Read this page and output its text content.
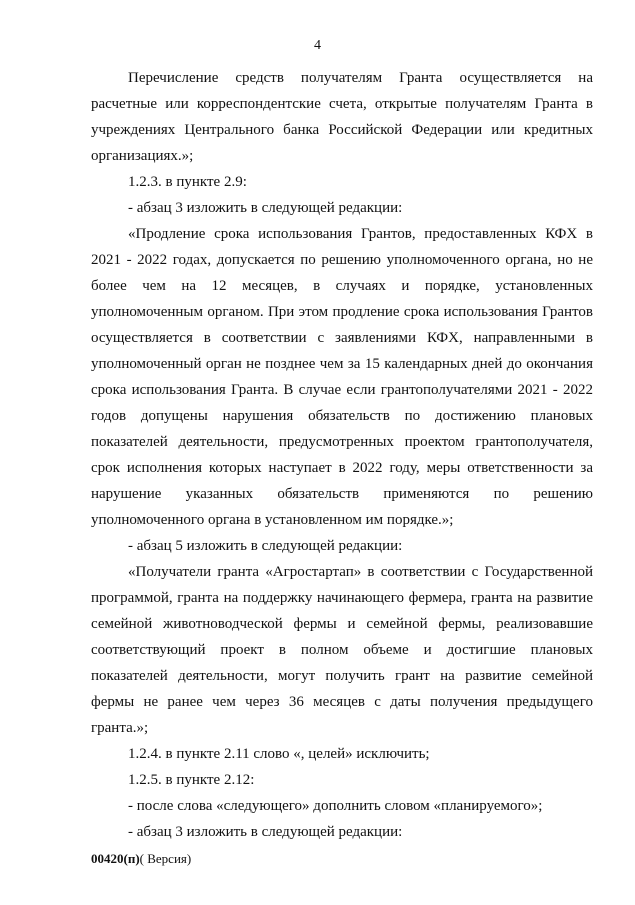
4

Перечисление средств получателям Гранта осуществляется на расчетные или корреспондентские счета, открытые получателям Гранта в учреждениях Центрального банка Российской Федерации или кредитных организациях.»;

1.2.3. в пункте 2.9:

- абзац 3 изложить в следующей редакции:

«Продление срока использования Грантов, предоставленных КФХ в 2021 - 2022 годах, допускается по решению уполномоченного органа, но не более чем на 12 месяцев, в случаях и порядке, установленных уполномоченным органом. При этом продление срока использования Грантов осуществляется в соответствии с заявлениями КФХ, направленными в уполномоченный орган не позднее чем за 15 календарных дней до окончания срока использования Гранта. В случае если грантополучателями 2021 - 2022 годов допущены нарушения обязательств по достижению плановых показателей деятельности, предусмотренных проектом грантополучателя, срок исполнения которых наступает в 2022 году, меры ответственности за нарушение указанных обязательств применяются по решению уполномоченного органа в установленном им порядке.»;

- абзац 5 изложить в следующей редакции:

«Получатели гранта «Агростартап» в соответствии с Государственной программой, гранта на поддержку начинающего фермера, гранта на развитие семейной животноводческой фермы и семейной фермы, реализовавшие соответствующий проект в полном объеме и достигшие плановых показателей деятельности, могут получить грант на развитие семейной фермы не ранее чем через 36 месяцев с даты получения предыдущего гранта.»;

1.2.4. в пункте 2.11 слово «, целей» исключить;

1.2.5. в пункте 2.12:

- после слова «следующего» дополнить словом «планируемого»;

- абзац 3 изложить в следующей редакции:

00420(п)( Версия)
